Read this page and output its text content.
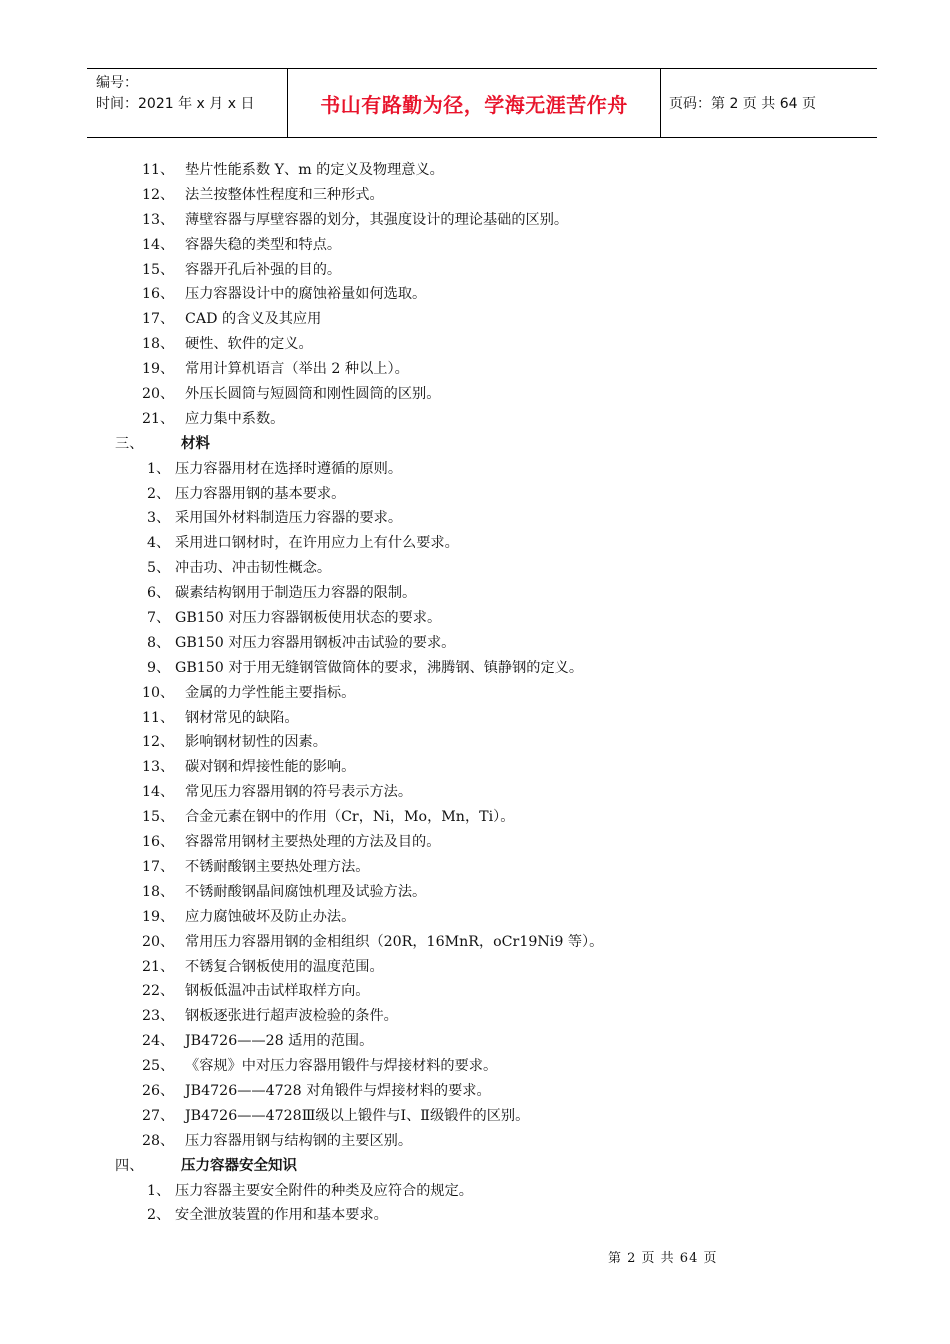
编号：
时间：2021 年 x 月 x 日	书山有路勤为径，学海无涯苦作舟	页码：第 2 页 共 64 页
11、 垫片性能系数 Y、m 的定义及物理意义。
12、 法兰按整体性程度和三种形式。
13、 薄壁容器与厚壁容器的划分，其强度设计的理论基础的区别。
14、 容器失稳的类型和特点。
15、 容器开孔后补强的目的。
16、 压力容器设计中的腐蚀裕量如何选取。
17、 CAD 的含义及其应用
18、 硬性、软件的定义。
19、 常用计算机语言（举出 2 种以上）。
20、 外压长圆筒与短圆筒和刚性圆筒的区别。
21、 应力集中系数。
三、	材料
1、 压力容器用材在选择时遵循的原则。
2、 压力容器用钢的基本要求。
3、 采用国外材料制造压力容器的要求。
4、 采用进口钢材时，在许用应力上有什么要求。
5、 冲击功、冲击韧性概念。
6、 碳素结构钢用于制造压力容器的限制。
7、 GB150 对压力容器钢板使用状态的要求。
8、 GB150 对压力容器用钢板冲击试验的要求。
9、 GB150 对于用无缝钢管做筒体的要求，沸腾钢、镇静钢的定义。
10、 金属的力学性能主要指标。
11、 钢材常见的缺陷。
12、 影响钢材韧性的因素。
13、 碳对钢和焊接性能的影响。
14、 常见压力容器用钢的符号表示方法。
15、 合金元素在钢中的作用（Cr，Ni，Mo，Mn，Ti）。
16、 容器常用钢材主要热处理的方法及目的。
17、 不锈耐酸钢主要热处理方法。
18、 不锈耐酸钢晶间腐蚀机理及试验方法。
19、 应力腐蚀破坏及防止办法。
20、 常用压力容器用钢的金相组织（20R，16MnR，oCr19Ni9 等）。
21、 不锈复合钢板使用的温度范围。
22、 钢板低温冲击试样取样方向。
23、 钢板逐张进行超声波检验的条件。
24、 JB4726——28 适用的范围。
25、 《容规》中对压力容器用锻件与焊接材料的要求。
26、 JB4726——4728 对角锻件与焊接材料的要求。
27、 JB4726——4728Ⅲ级以上锻件与Ⅰ、Ⅱ级锻件的区别。
28、 压力容器用钢与结构钢的主要区别。
四、	压力容器安全知识
1、 压力容器主要安全附件的种类及应符合的规定。
2、 安全泄放装置的作用和基本要求。
第 2 页 共 64 页
